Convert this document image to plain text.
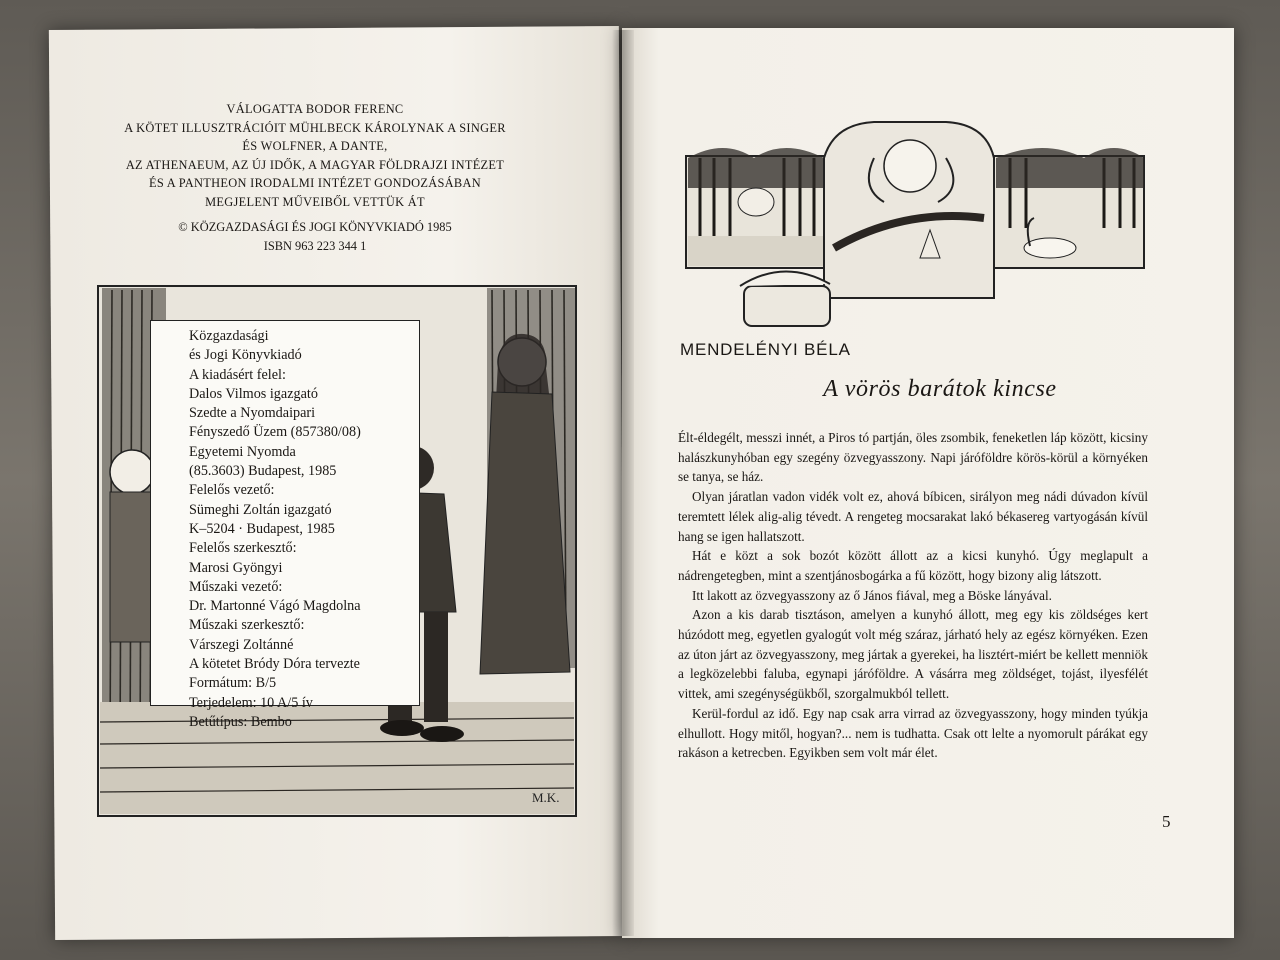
VÁLOGATTA BODOR FERENC
A KÖTET ILLUSZTRÁCIÓIT MÜHLBECK KÁROLYNAK A SINGER
ÉS WOLFNER, A DANTE,
AZ ATHENAEUM, AZ ÚJ IDŐK, A MAGYAR FÖLDRAJZI INTÉZET
ÉS A PANTHEON IRODALMI INTÉZET GONDOZÁSÁBAN
MEGJELENT MŰVEIBŐL VETTÜK ÁT
© KÖZGAZDASÁGI ÉS JOGI KÖNYVKIADÓ 1985
ISBN 963 223 344 1
M.K.
Közgazdasági
és Jogi Könyvkiadó
A kiadásért felel:
Dalos Vilmos igazgató
Szedte a Nyomdaipari
Fényszedő Üzem (857380/08)
Egyetemi Nyomda
(85.3603) Budapest, 1985
Felelős vezető:
Sümeghi Zoltán igazgató
K–5204 · Budapest, 1985
Felelős szerkesztő:
Marosi Gyöngyi
Műszaki vezető:
Dr. Martonné Vágó Magdolna
Műszaki szerkesztő:
Várszegi Zoltánné
A kötetet Bródy Dóra tervezte
Formátum: B/5
Terjedelem: 10 A/5 ív
Betűtípus: Bembo
MENDELÉNYI BÉLA
A vörös barátok kincse

Élt-éldegélt, messzi innét, a Piros tó partján, öles zsombik, feneketlen láp között, kicsiny halászkunyhóban egy szegény özvegyasszony. Napi járóföldre körös-körül a környéken se tanya, se ház.

Olyan járatlan vadon vidék volt ez, ahová bíbicen, sirályon meg nádi dúvadon kívül teremtett lélek alig-alig tévedt. A rengeteg mocsarakat lakó békasereg vartyogásán kívül hang se igen hallatszott.

Hát e közt a sok bozót között állott az a kicsi kunyhó. Úgy meglapult a nádrengetegben, mint a szentjánosbogárka a fű között, hogy bizony alig látszott.

Itt lakott az özvegyasszony az ő János fiával, meg a Böske lányával.

Azon a kis darab tisztáson, amelyen a kunyhó állott, meg egy kis zöldséges kert húzódott meg, egyetlen gyalogút volt még száraz, járható hely az egész környéken. Ezen az úton járt az özvegyasszony, meg jártak a gyerekei, ha lisztért-miért be kellett menniök a legközelebbi faluba, egynapi járóföldre. A vásárra meg zöldséget, tojást, ilyesfélét vittek, ami szegénységükből, szorgalmukból tellett.

Kerül-fordul az idő. Egy nap csak arra virrad az özvegyasszony, hogy minden tyúkja elhullott. Hogy mitől, hogyan?... nem is tudhatta. Csak ott lelte a nyomorult párákat egy rakáson a ketrecben. Egyikben sem volt már élet.

5
